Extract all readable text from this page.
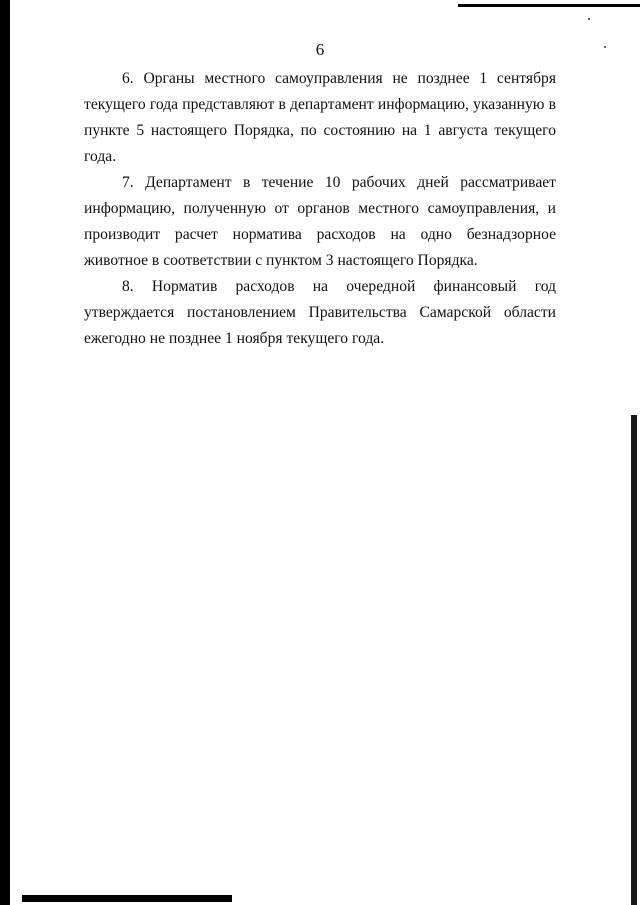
6

6. Органы местного самоуправления не позднее 1 сентября текущего года представляют в департамент информацию, указанную в пункте 5 настоящего Порядка, по состоянию на 1 августа текущего года.

7. Департамент в течение 10 рабочих дней рассматривает информацию, полученную от органов местного самоуправления, и производит расчет норматива расходов на одно безнадзорное животное в соответствии с пунктом 3 настоящего Порядка.

8. Норматив расходов на очередной финансовый год утверждается постановлением Правительства Самарской области ежегодно не позднее 1 ноября текущего года.
